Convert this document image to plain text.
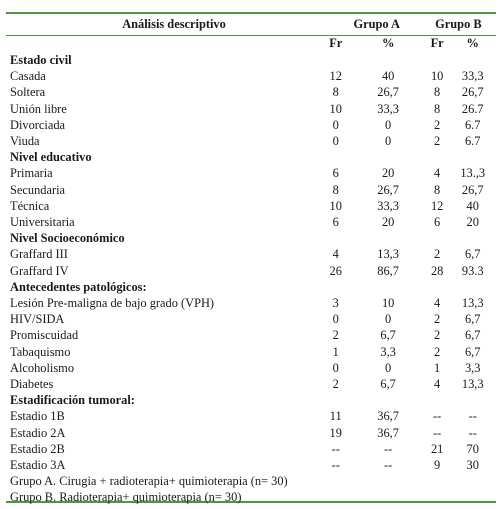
Análisis descriptivo		Grupo A	Grupo B	
	Fr	%	Fr	%
Estado civil				
Casada	12	40	10	33,3
Soltera	8	26,7	8	26,7
Unión libre	10	33,3	8	26.7
Divorciada	0	0	2	6.7
Viuda	0	0	2	6.7
Nivel educativo				
Primaria	6	20	4	13.,3
Secundaria	8	26,7	8	26,7
Técnica	10	33,3	12	40
Universitaria	6	20	6	20
Nivel Socioeconómico				
Graffard III	4	13,3	2	6,7
Graffard IV	26	86,7	28	93.3
Antecedentes patológicos:				
Lesión Pre-maligna de bajo grado (VPH)	3	10	4	13,3
HIV/SIDA	0	0	2	6,7
Promiscuidad	2	6,7	2	6,7
Tabaquismo	1	3,3	2	6,7
Alcoholismo	0	0	1	3,3
Diabetes	2	6,7	4	13,3
Estadificación tumoral:				
Estadio 1B	11	36,7	--	--
Estadio 2A	19	36,7	--	--
Estadio 2B	--	--	21	70
Estadio 3A	--	--	9	30
Grupo A. Cirugia + radioterapia+ quimioterapia (n= 30)				
Grupo B. Radioterapia+ quimioterapia (n= 30)				
